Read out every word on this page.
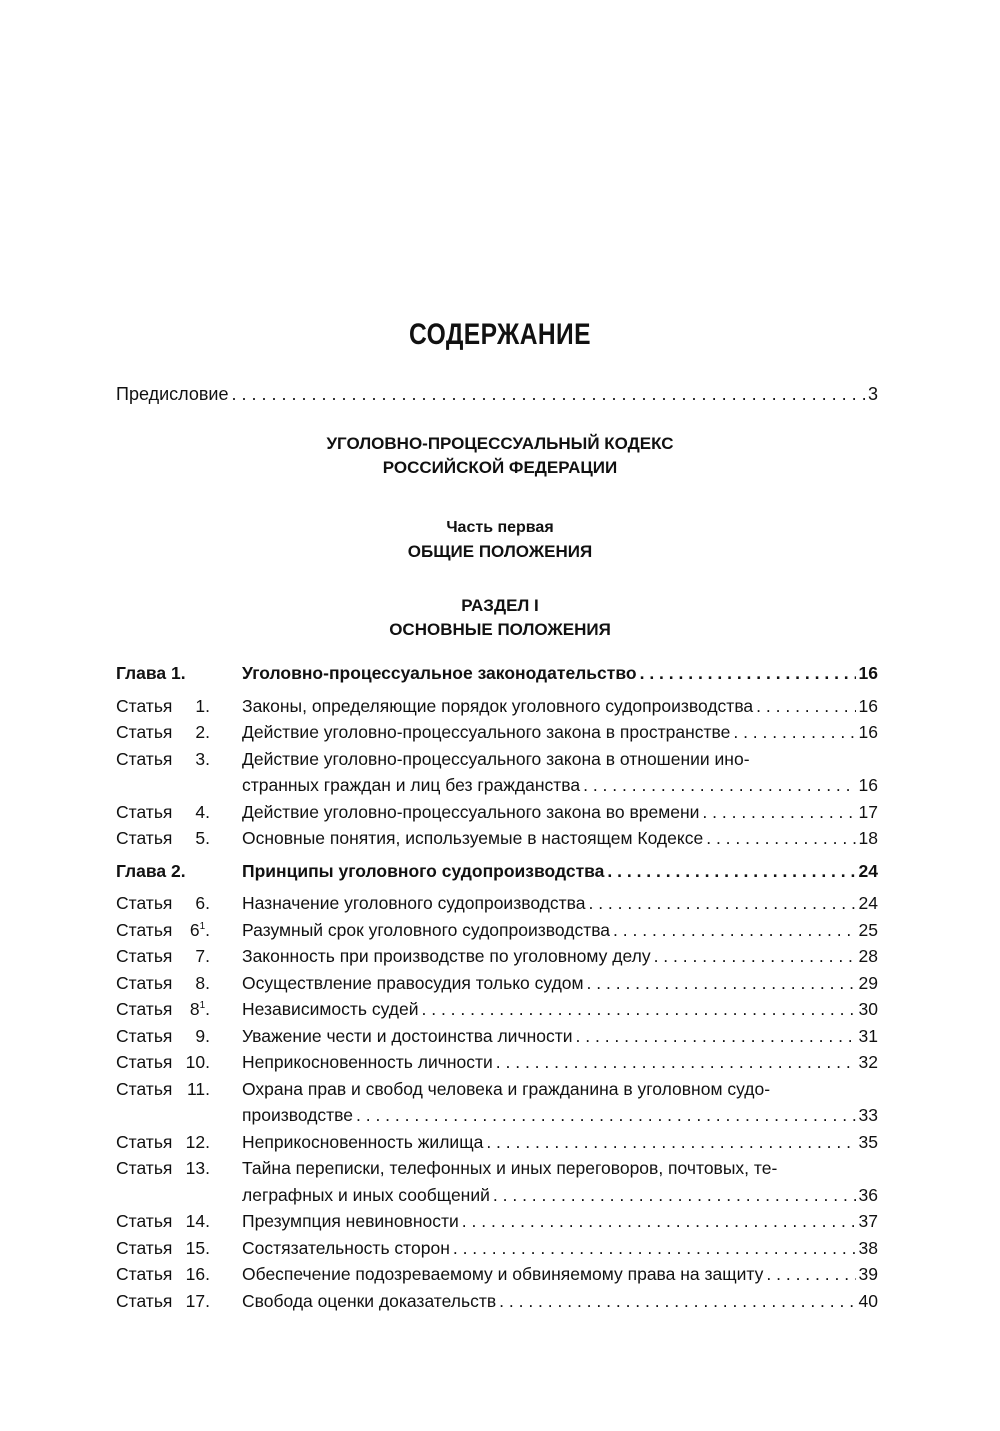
СОДЕРЖАНИЕ
Предисловие . . .	3
УГОЛОВНО-ПРОЦЕССУАЛЬНЫЙ КОДЕКС
РОССИЙСКОЙ ФЕДЕРАЦИИ
Часть первая
ОБЩИЕ ПОЛОЖЕНИЯ
РАЗДЕЛ I
ОСНОВНЫЕ ПОЛОЖЕНИЯ
Глава 1.	Уголовно-процессуальное законодательство . . .	16
Статья 1. Законы, определяющие порядок уголовного судопроизводства . . .	16
Статья 2. Действие уголовно-процессуального закона в пространстве . . .	16
Статья 3. Действие уголовно-процессуального закона в отношении ино-
странных граждан и лиц без гражданства . . .	16
Статья 4. Действие уголовно-процессуального закона во времени . . .	17
Статья 5. Основные понятия, используемые в настоящем Кодексе . . .	18
Глава 2.	Принципы уголовного судопроизводства . . .	24
Статья 6. Назначение уголовного судопроизводства . . .	24
Статья $6^1$. Разумный срок уголовного судопроизводства . . .	25
Статья 7. Законность при производстве по уголовному делу . . .	28
Статья 8. Осуществление правосудия только судом . . .	29
Статья $8^1$. Независимость судей . . .	30
Статья 9. Уважение чести и достоинства личности . . .	31
Статья 10. Неприкосновенность личности . . .	32
Статья 11. Охрана прав и свобод человека и гражданина в уголовном судо-
производстве . . .	33
Статья 12. Неприкосновенность жилища . . .	35
Статья 13. Тайна переписки, телефонных и иных переговоров, почтовых, те-
леграфных и иных сообщений . . .	36
Статья 14. Презумпция невиновности . . .	37
Статья 15. Состязательность сторон . . .	38
Статья 16. Обеспечение подозреваемому и обвиняемому права на защиту . . .	39
Статья 17. Свобода оценки доказательств . . .	40
